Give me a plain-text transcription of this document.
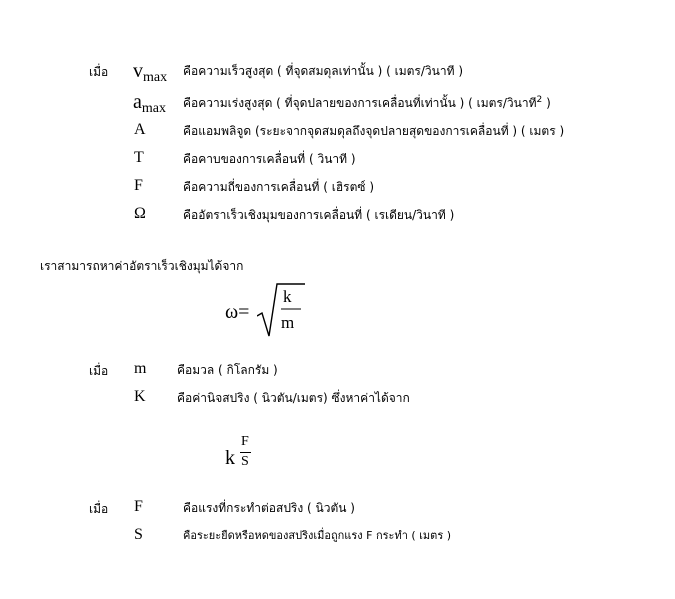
เมื่อ $v_{max}$ คือความเร็วสูงสุด ( ที่จุดสมดุลเท่านั้น ) ( เมตร/วินาที )
$a_{max}$ คือความเร่งสูงสุด ( ที่จุดปลายของการเคลื่อนที่เท่านั้น ) ( เมตร/วินาที$^2$ )
A	คือแอมพลิจูด (ระยะจากจุดสมดุลถึงจุดปลายสุดของการเคลื่อนที่ ) ( เมตร )
T	คือคาบของการเคลื่อนที่ ( วินาที )
F	คือความถี่ของการเคลื่อนที่ ( เฮิรตซ์ )
Ω	คืออัตราเร็วเชิงมุมของการเคลื่อนที่ ( เรเดียน/วินาที )
เราสามารถหาค่าอัตราเร็วเชิงมุมได้จาก
ω=
k
m
เมื่อ m	คือมวล ( กิโลกรัม )
K	คือค่านิจสปริง ( นิวตัน/เมตร) ซึ่งหาค่าได้จาก
k
F
S
เมื่อ F	คือแรงที่กระทำต่อสปริง ( นิวตัน )
S	คือระยะยืดหรือหดของสปริงเมื่อถูกแรง F กระทำ ( เมตร )
